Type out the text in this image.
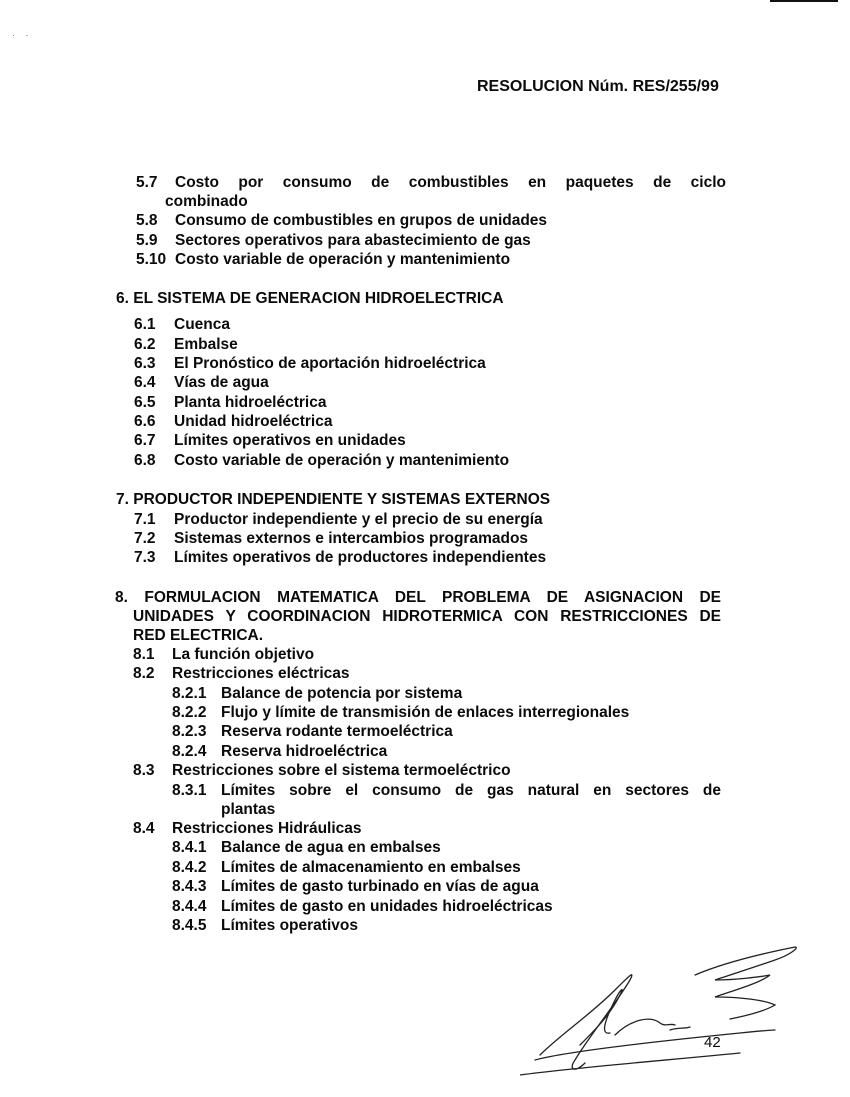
· ·
RESOLUCION Núm. RES/255/99
5.7 Costo por consumo de combustibles en paquetes de ciclo
combinado
5.8 Consumo de combustibles en grupos de unidades
5.9 Sectores operativos para abastecimiento de gas
5.10 Costo variable de operación y mantenimiento
6. EL SISTEMA DE GENERACION HIDROELECTRICA
6.1 Cuenca
6.2 Embalse
6.3 El Pronóstico de aportación hidroeléctrica
6.4 Vías de agua
6.5 Planta hidroeléctrica
6.6 Unidad hidroeléctrica
6.7 Límites operativos en unidades
6.8 Costo variable de operación y mantenimiento
7. PRODUCTOR INDEPENDIENTE Y SISTEMAS EXTERNOS
7.1 Productor independiente y el precio de su energía
7.2 Sistemas externos e intercambios programados
7.3 Límites operativos de productores independientes
8. FORMULACION MATEMATICA DEL PROBLEMA DE ASIGNACION DE
UNIDADES Y COORDINACION HIDROTERMICA CON RESTRICCIONES DE
RED ELECTRICA.
8.1 La función objetivo
8.2 Restricciones eléctricas
8.2.1 Balance de potencia por sistema
8.2.2 Flujo y límite de transmisión de enlaces interregionales
8.2.3 Reserva rodante termoeléctrica
8.2.4 Reserva hidroeléctrica
8.3 Restricciones sobre el sistema termoeléctrico
8.3.1 Límites sobre el consumo de gas natural en sectores de
plantas
8.4 Restricciones Hidráulicas
8.4.1 Balance de agua en embalses
8.4.2 Límites de almacenamiento en embalses
8.4.3 Límites de gasto turbinado en vías de agua
8.4.4 Límites de gasto en unidades hidroeléctricas
8.4.5 Límites operativos
42
